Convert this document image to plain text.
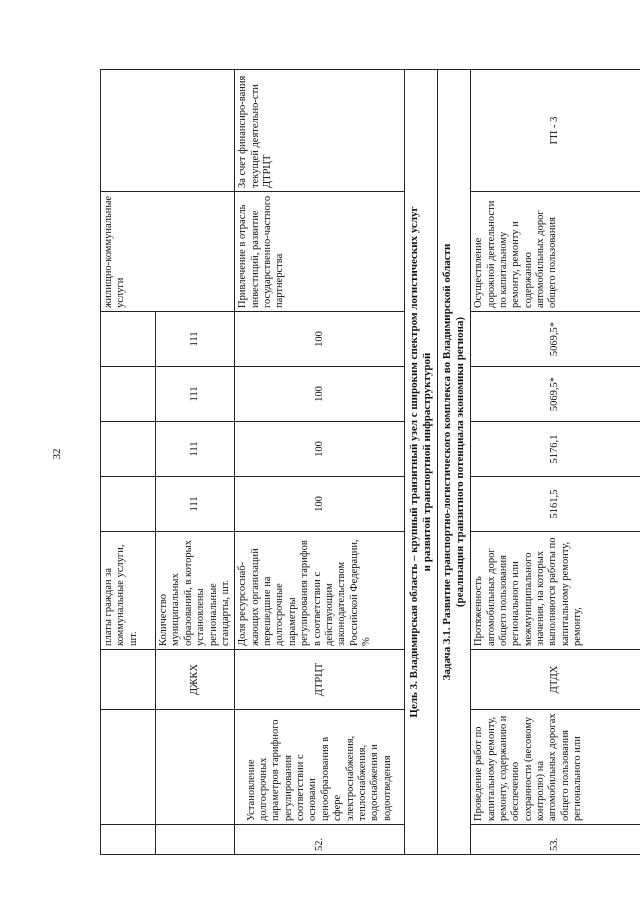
32
			платы граждан за коммунальные услуги, шт.					жилищно-коммунальные услуги	
		ДЖКХ	Количество муниципальных образований, в которых установлены региональные стандарты, шт.	111	111	111	111		
52.	Установление долгосрочных параметров тарифного регулирования соответствии с основами ценообразования в сфере электроснабжения, теплоснабжения, водоснабжения и водоотведения	ДТРЦТ	Доля ресурсоснаб-жающих организаций перешедшие на долгосрочные параметры регулирования тарифов в соответствии с действующим законодательством Российской Федерации, %	100	100	100	100	Привлечение в отрасль инвестиций, развитие государственно-частного партнерства	За счет финансиро-вания текущей деятельно-сти ДТРЦТ

Цель 3. Владимирская область – крупный транзитный узел с широким спектром логистических услуг и развитой транспортной инфраструктурой									

Задача 3.1. Развитие транспортно-логистического комплекса во Владимирской области (реализация транзитного потенциала экономики региона)									

53.	Проведение работ по капитальному ремонту, ремонту, содержанию и обеспечению сохранности (весовому контролю) на автомобильных дорогах общего пользования регионального или	ДТДХ	Протяженность автомобильных дорог общего пользования регионального или межмуниципального значения, на которых выполняются работы по капитальному ремонту, ремонту,	5161,5	5176,1	5069,5*	5069,5*	Осуществление дорожной деятельности по капитальному ремонту, ремонту и содержанию автомобильных дорог общего пользования	ГП - 3
